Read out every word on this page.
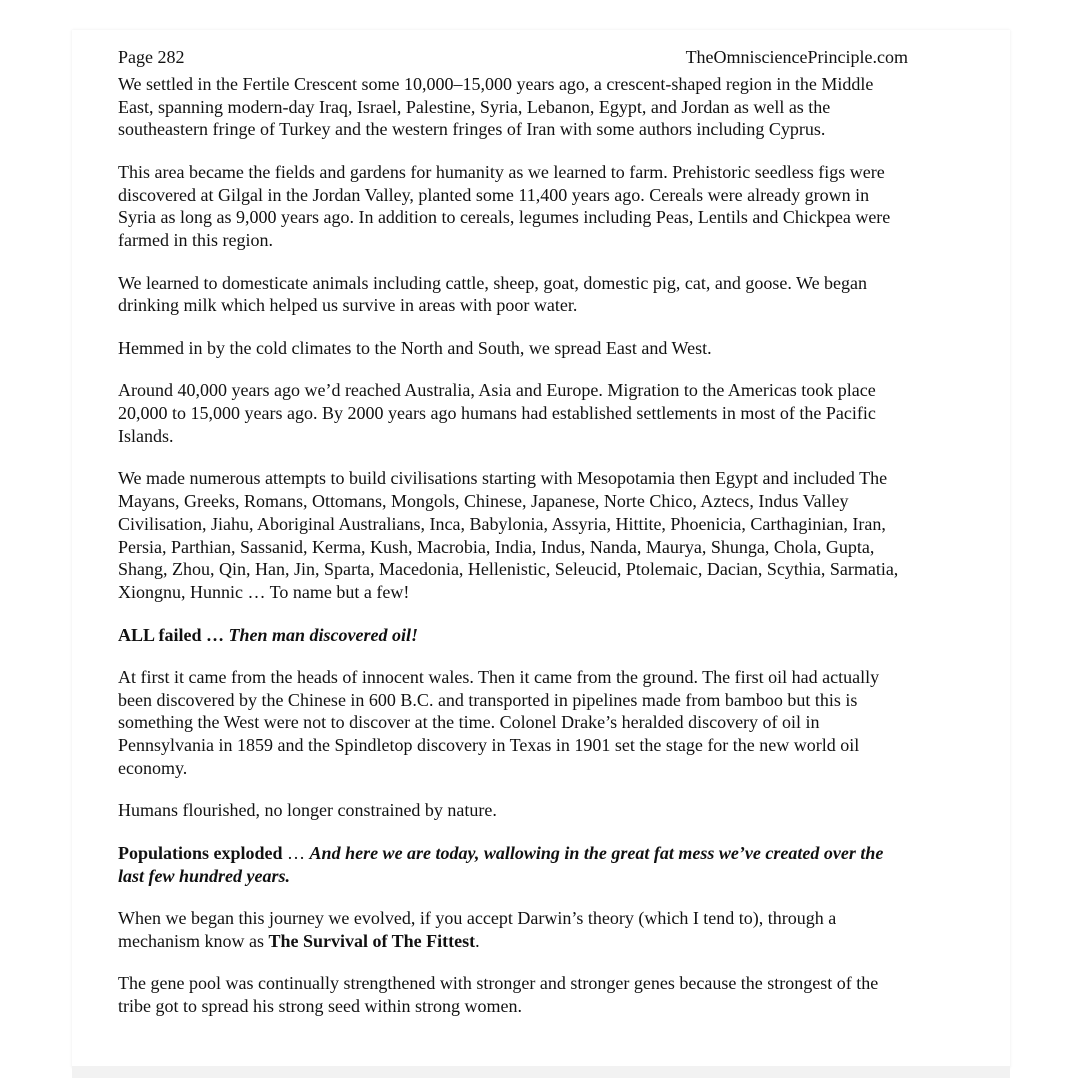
Page 282	TheOmnisciencePrinciple.com

We settled in the Fertile Crescent some 10,000–15,000 years ago, a crescent-shaped region in the Middle East, spanning modern-day Iraq, Israel, Palestine, Syria, Lebanon, Egypt, and Jordan as well as the southeastern fringe of Turkey and the western fringes of Iran with some authors including Cyprus.

This area became the fields and gardens for humanity as we learned to farm. Prehistoric seedless figs were discovered at Gilgal in the Jordan Valley, planted some 11,400 years ago. Cereals were already grown in Syria as long as 9,000 years ago. In addition to cereals, legumes including Peas, Lentils and Chickpea were farmed in this region.

We learned to domesticate animals including cattle, sheep, goat, domestic pig, cat, and goose. We began drinking milk which helped us survive in areas with poor water.

Hemmed in by the cold climates to the North and South, we spread East and West.

Around 40,000 years ago we’d reached Australia, Asia and Europe. Migration to the Americas took place 20,000 to 15,000 years ago. By 2000 years ago humans had established settlements in most of the Pacific Islands.

We made numerous attempts to build civilisations starting with Mesopotamia then Egypt and included The Mayans, Greeks, Romans, Ottomans, Mongols, Chinese, Japanese, Norte Chico, Aztecs, Indus Valley Civilisation, Jiahu, Aboriginal Australians, Inca, Babylonia, Assyria, Hittite, Phoenicia, Carthaginian, Iran, Persia, Parthian, Sassanid, Kerma, Kush, Macrobia, India, Indus, Nanda, Maurya, Shunga, Chola, Gupta, Shang, Zhou, Qin, Han, Jin, Sparta, Macedonia, Hellenistic, Seleucid, Ptolemaic, Dacian, Scythia, Sarmatia, Xiongnu, Hunnic … To name but a few!

ALL failed … Then man discovered oil!

At first it came from the heads of innocent wales. Then it came from the ground. The first oil had actually been discovered by the Chinese in 600 B.C. and transported in pipelines made from bamboo but this is something the West were not to discover at the time. Colonel Drake’s heralded discovery of oil in Pennsylvania in 1859 and the Spindletop discovery in Texas in 1901 set the stage for the new world oil economy.

Humans flourished, no longer constrained by nature.

Populations exploded … And here we are today, wallowing in the great fat mess we’ve created over the last few hundred years.

When we began this journey we evolved, if you accept Darwin’s theory (which I tend to), through a mechanism know as The Survival of The Fittest.

The gene pool was continually strengthened with stronger and stronger genes because the strongest of the tribe got to spread his strong seed within strong women.
